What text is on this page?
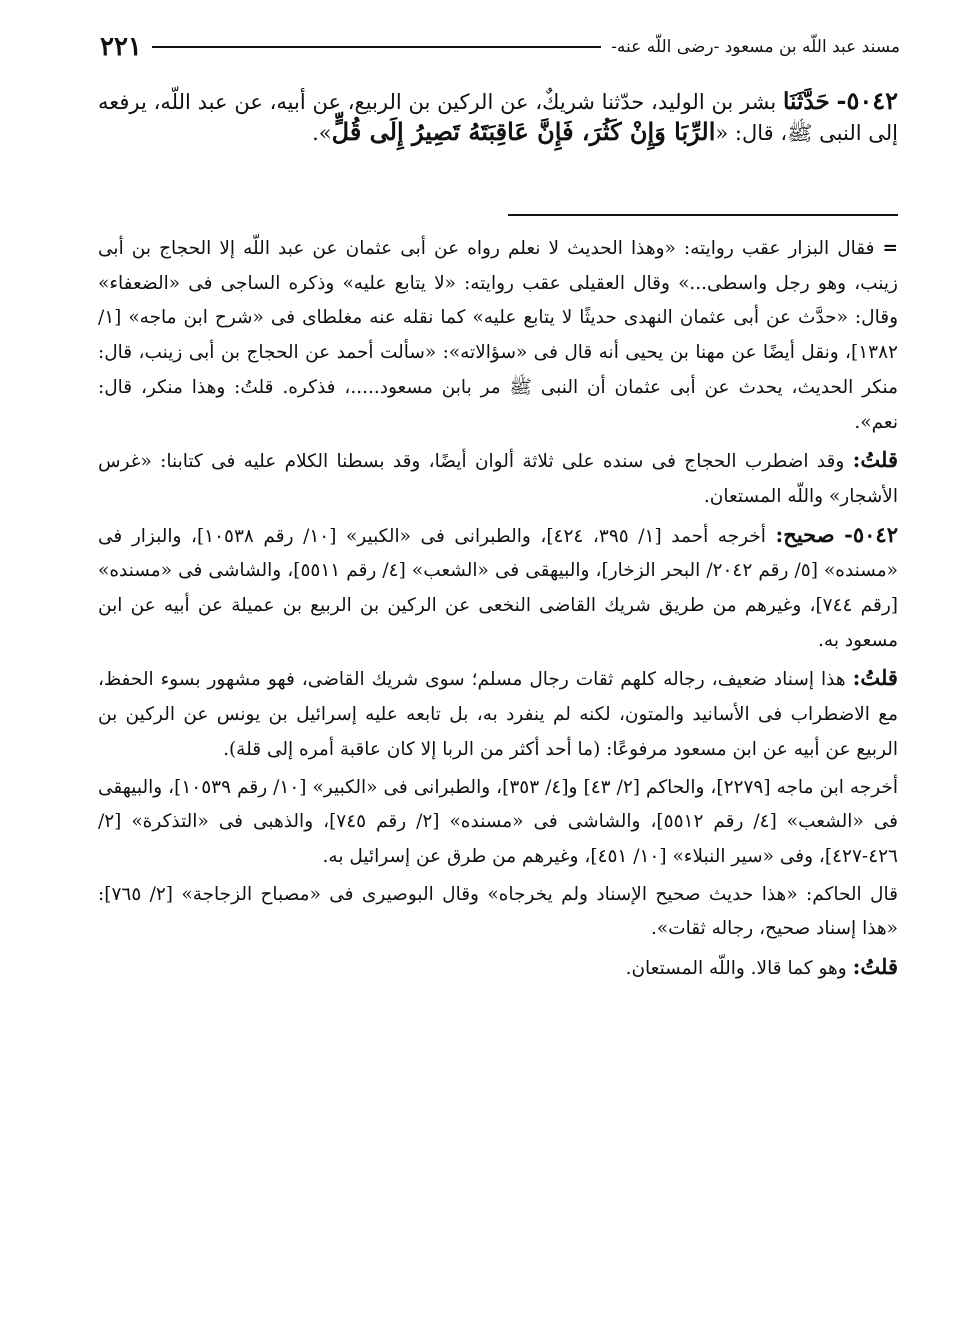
مسند عبد اللّه بن مسعود -رضى اللّه عنه-
٢٢١

٥٠٤٢- حَدَّثَنَا بشر بن الوليد، حدّثنا شريكٌ، عن الركين بن الربيع، عن أبيه، عن عبد اللّه، يرفعه إلى النبى ﷺ، قال: «الرِّبَا وَإِنْ كَثُرَ، فَإِنَّ عَاقِبَتَهُ تَصِيرُ إِلَى قُلٍّ».

=فقال البزار عقب روايته: «وهذا الحديث لا نعلم رواه عن أبى عثمان عن عبد اللّه إلا الحجاج بن أبى زينب، وهو رجل واسطى...» وقال العقيلى عقب روايته: «لا يتابع عليه» وذكره الساجى فى «الضعفاء» وقال: «حدَّث عن أبى عثمان النهدى حديثًا لا يتابع عليه» كما نقله عنه مغلطاى فى «شرح ابن ماجه» [١/ ١٣٨٢]، ونقل أيضًا عن مهنا بن يحيى أنه قال فى «سؤالاته»: «سألت أحمد عن الحجاج بن أبى زينب، قال: منكر الحديث، يحدث عن أبى عثمان أن النبى ﷺ مر بابن مسعود.....، فذكره. قلتُ: وهذا منكر، قال: نعم».

قلتُ: وقد اضطرب الحجاج فى سنده على ثلاثة ألوان أيضًا، وقد بسطنا الكلام عليه فى كتابنا: «غرس الأشجار» واللّه المستعان.

٥٠٤٢- صحيح: أخرجه أحمد [١/ ٣٩٥، ٤٢٤]، والطبرانى فى «الكبير» [١٠/ رقم ١٠٥٣٨]، والبزار فى «مسنده» [٥/ رقم ٢٠٤٢/ البحر الزخار]، والبيهقى فى «الشعب» [٤/ رقم ٥٥١١]، والشاشى فى «مسنده» [رقم ٧٤٤]، وغيرهم من طريق شريك القاضى النخعى عن الركين بن الربيع بن عميلة عن أبيه عن ابن مسعود به.

قلتُ: هذا إسناد ضعيف، رجاله كلهم ثقات رجال مسلم؛ سوى شريك القاضى، فهو مشهور بسوء الحفظ، مع الاضطراب فى الأسانيد والمتون، لكنه لم ينفرد به، بل تابعه عليه إسرائيل بن يونس عن الركين بن الربيع عن أبيه عن ابن مسعود مرفوعًا: (ما أحد أكثر من الربا إلا كان عاقبة أمره إلى قلة).

أخرجه ابن ماجه [٢٢٧٩]، والحاكم [٢/ ٤٣] و[٤/ ٣٥٣]، والطبرانى فى «الكبير» [١٠/ رقم ١٠٥٣٩]، والبيهقى فى «الشعب» [٤/ رقم ٥٥١٢]، والشاشى فى «مسنده» [٢/ رقم ٧٤٥]، والذهبى فى «التذكرة» [٢/ ٤٢٦-٤٢٧]، وفى «سير النبلاء» [١٠/ ٤٥١]، وغيرهم من طرق عن إسرائيل به.

قال الحاكم: «هذا حديث صحيح الإسناد ولم يخرجاه» وقال البوصيرى فى «مصباح الزجاجة» [٢/ ٧٦٥]: «هذا إسناد صحيح، رجاله ثقات».

قلتُ: وهو كما قالا. واللّه المستعان.
